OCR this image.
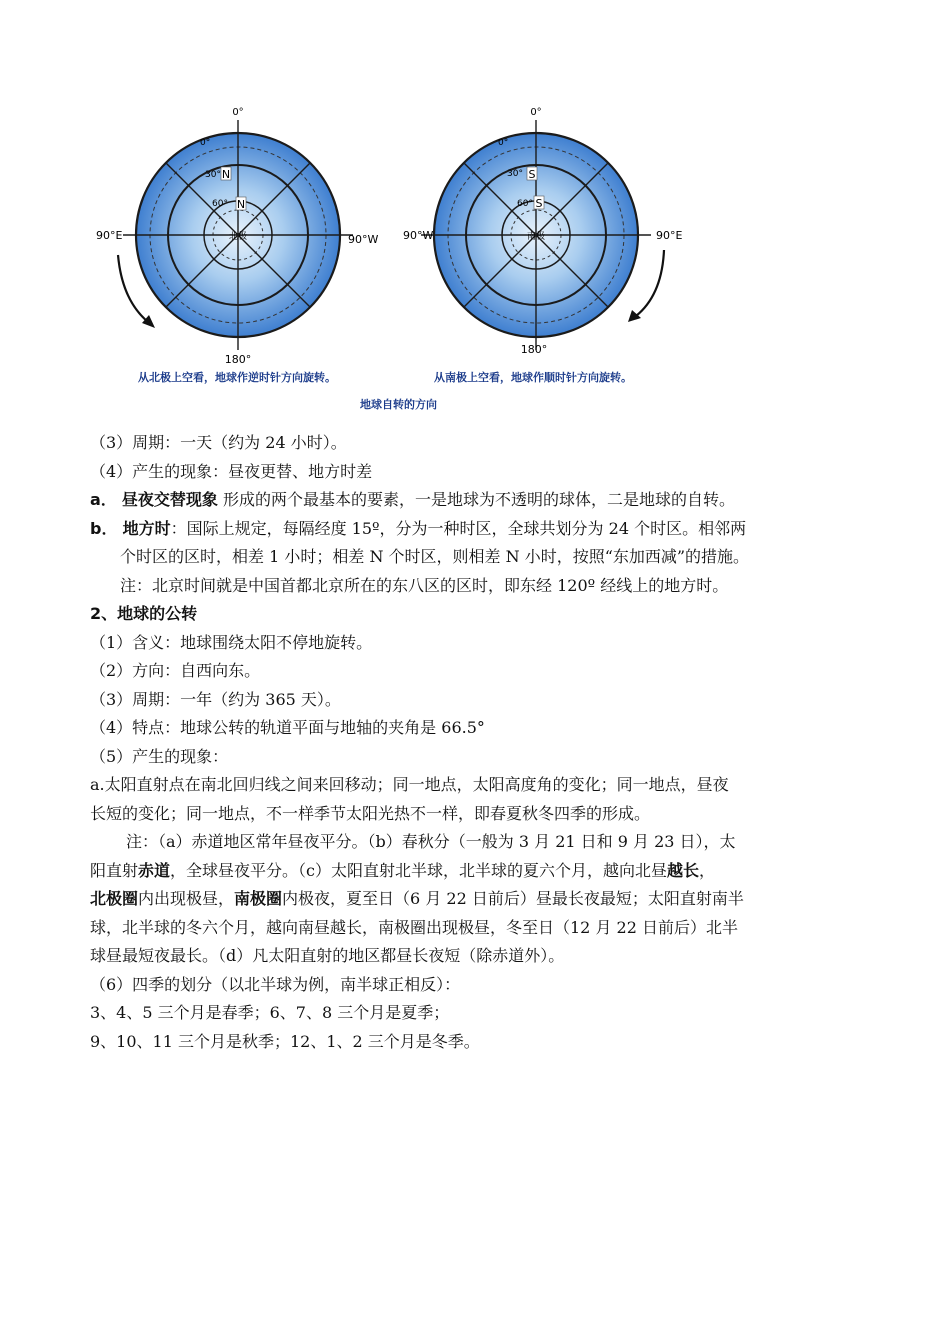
0°
180°
90°E	90°W
0°
30°
60°
N
N
北极
0°
180°
90°W	90°E
0°
30°
60°
S
S
南极
从北极上空看，地球作逆时针方向旋转。	从南极上空看，地球作顺时针方向旋转。
地球自转的方向

（3）周期：一天（约为 24 小时）。

（4）产生的现象：昼夜更替、地方时差

a． 昼夜交替现象 形成的两个最基本的要素，一是地球为不透明的球体，二是地球的自转。

b． 地方时：国际上规定，每隔经度 15º，分为一种时区，全球共划分为 24 个时区。相邻两

个时区的区时，相差 1 小时；相差 N 个时区，则相差 N 小时，按照“东加西减”的措施。

注：北京时间就是中国首都北京所在的东八区的区时，即东经 120º 经线上的地方时。

2、地球的公转

（1）含义：地球围绕太阳不停地旋转。

（2）方向：自西向东。

（3）周期：一年（约为 365 天）。

（4）特点：地球公转的轨道平面与地轴的夹角是 66.5°

（5）产生的现象：

a.太阳直射点在南北回归线之间来回移动；同一地点，太阳高度角的变化；同一地点，昼夜

长短的变化；同一地点，不一样季节太阳光热不一样，即春夏秋冬四季的形成。

注：（a）赤道地区常年昼夜平分。（b）春秋分（一般为 3 月 21 日和 9 月 23 日），太

阳直射赤道，全球昼夜平分。（c）太阳直射北半球，北半球的夏六个月，越向北昼越长，

北极圈内出现极昼，南极圈内极夜，夏至日（6 月 22 日前后）昼最长夜最短；太阳直射南半

球，北半球的冬六个月，越向南昼越长，南极圈出现极昼，冬至日（12 月 22 日前后）北半

球昼最短夜最长。（d）凡太阳直射的地区都昼长夜短（除赤道外）。

（6）四季的划分（以北半球为例，南半球正相反）：

3、4、5 三个月是春季；6、7、8 三个月是夏季；

9、10、11 三个月是秋季；12、1、2 三个月是冬季。
